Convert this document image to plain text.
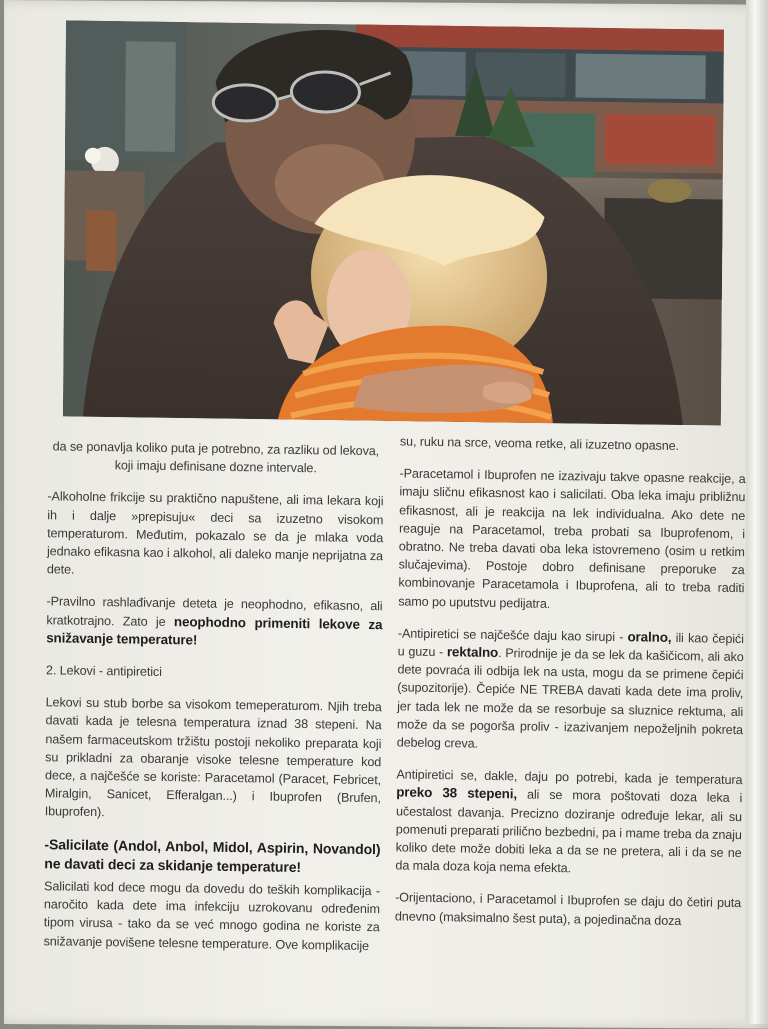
da se ponavlja koliko puta je potrebno, za razliku od lekova, koji imaju definisane dozne intervale.

-Alkoholne frikcije su praktično napuštene, ali ima lekara koji ih i dalje »prepisuju« deci sa izuzetno visokom temperaturom. Međutim, pokazalo se da je mlaka voda jednako efikasna kao i alkohol, ali daleko manje neprijatna za dete.

-Pravilno rashlađivanje deteta je neophodno, efikasno, ali kratkotrajno. Zato je neophodno primeniti lekove za snižavanje temperature!

2. Lekovi - antipiretici

Lekovi su stub borbe sa visokom temeperaturom. Njih treba davati kada je telesna temperatura iznad 38 stepeni. Na našem farmaceutskom tržištu postoji nekoliko preparata koji su prikladni za obaranje visoke telesne temperature kod dece, a najčešće se koriste: Paracetamol (Paracet, Febricet, Miralgin, Sanicet, Efferalgan...) i Ibuprofen (Brufen, Ibuprofen).

-Salicilate (Andol, Anbol, Midol, Aspirin, Novandol) ne davati deci za skidanje temperature!

Salicilati kod dece mogu da dovedu do teških komplikacija - naročito kada dete ima infekciju uzrokovanu određenim tipom virusa - tako da se već mnogo godina ne koriste za snižavanje povišene telesne temperature. Ove komplikacije

su, ruku na srce, veoma retke, ali izuzetno opasne.

-Paracetamol i Ibuprofen ne izazivaju takve opasne reakcije, a imaju sličnu efikasnost kao i salicilati. Oba leka imaju približnu efikasnost, ali je reakcija na lek individualna. Ako dete ne reaguje na Paracetamol, treba probati sa Ibuprofenom, i obratno. Ne treba davati oba leka istovremeno (osim u retkim slučajevima). Postoje dobro definisane preporuke za kombinovanje Paracetamola i Ibuprofena, ali to treba raditi samo po uputstvu pedijatra.

-Antipiretici se najčešće daju kao sirupi - oralno, ili kao čepići u guzu - rektalno. Prirodnije je da se lek da kašičicom, ali ako dete povraća ili odbija lek na usta, mogu da se primene čepići (supozitorije). Čepiće NE TREBA davati kada dete ima proliv, jer tada lek ne može da se resorbuje sa sluznice rektuma, ali može da se pogorša proliv - izazivanjem nepoželjnih pokreta debelog creva.

Antipiretici se, dakle, daju po potrebi, kada je temperatura preko 38 stepeni, ali se mora poštovati doza leka i učestalost davanja. Precizno doziranje određuje lekar, ali su pomenuti preparati prilično bezbedni, pa i mame treba da znaju koliko dete može dobiti leka a da se ne pretera, ali i da se ne da mala doza koja nema efekta.

-Orijentaciono, i Paracetamol i Ibuprofen se daju do četiri puta dnevno (maksimalno šest puta), a pojedinačna doza
